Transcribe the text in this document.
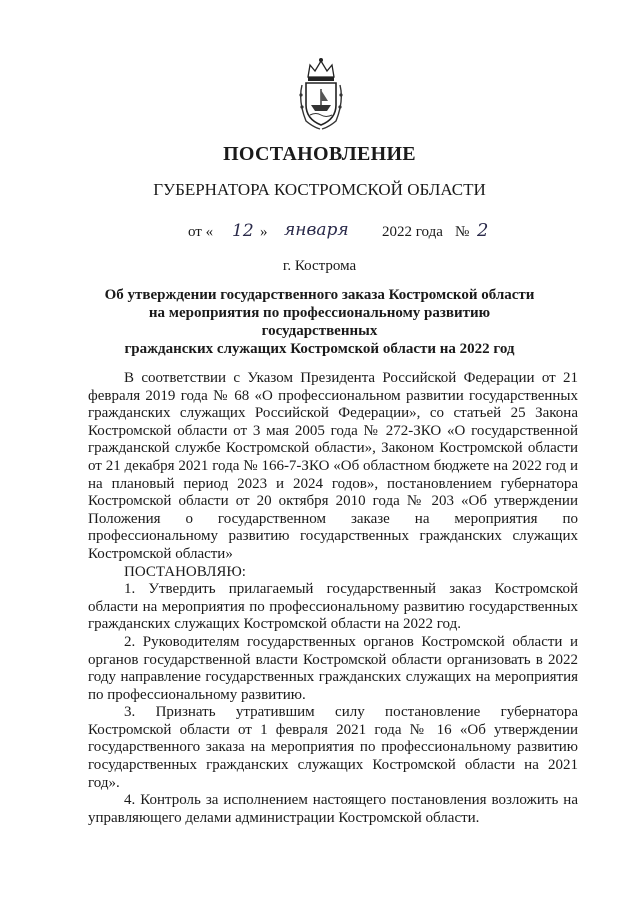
ПОСТАНОВЛЕНИЕ
ГУБЕРНАТОРА КОСТРОМСКОЙ ОБЛАСТИ
от « 12 » января 2022 года № 2
г. Кострома
Об утверждении государственного заказа Костромской области
на мероприятия по профессиональному развитию государственных
гражданских служащих Костромской области на 2022 год

В соответствии с Указом Президента Российской Федерации от 21 февраля 2019 года № 68 «О профессиональном развитии государственных гражданских служащих Российской Федерации», со статьей 25 Закона Костромской области от 3 мая 2005 года № 272-ЗКО «О государственной гражданской службе Костромской области», Законом Костромской области от 21 декабря 2021 года № 166-7-ЗКО «Об областном бюджете на 2022 год и на плановый период 2023 и 2024 годов», постановлением губернатора Костромской области от 20 октября 2010 года № 203 «Об утверждении Положения о государственном заказе на мероприятия по профессиональному развитию государственных гражданских служащих Костромской области»

ПОСТАНОВЛЯЮ:

1. Утвердить прилагаемый государственный заказ Костромской области на мероприятия по профессиональному развитию государственных гражданских служащих Костромской области на 2022 год.

2. Руководителям государственных органов Костромской области и органов государственной власти Костромской области организовать в 2022 году направление государственных гражданских служащих на мероприятия по профессиональному развитию.

3. Признать утратившим силу постановление губернатора Костромской области от 1 февраля 2021 года № 16 «Об утверждении государственного заказа на мероприятия по профессиональному развитию государственных гражданских служащих Костромской области на 2021 год».

4. Контроль за исполнением настоящего постановления возложить на управляющего делами администрации Костромской области.
